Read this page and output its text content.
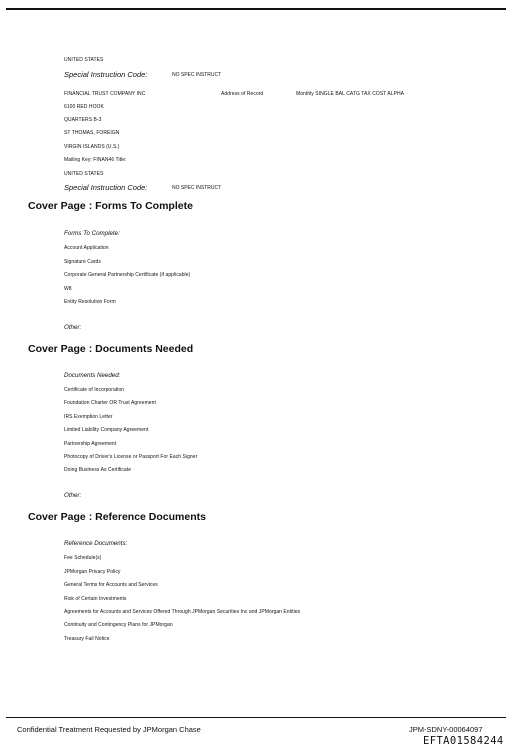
UNITED STATES
Special Instruction Code:	NO SPEC INSTRUCT
FINANCIAL TRUST COMPANY INC	Address of Record	Monthly SINGLE BAL CATG TAX COST ALPHA
6100 RED HOOK
QUARTERS B-3
ST THOMAS, FOREIGN
VIRGIN ISLANDS (U.S.)
Mailing Key: FINAN46 Title:
UNITED STATES
Special Instruction Code:	NO SPEC INSTRUCT
Cover Page : Forms To Complete
Forms To Complete:
Account Application
Signature Cards
Corporate General Partnership Certificate (if applicable)
W8
Entity Resolution Form
Other:
Cover Page : Documents Needed
Documents Needed:
Certificate of Incorporation
Foundation Charter OR Trust Agreement
IRS Exemption Letter
Limited Liability Company Agreement
Partnership Agreement
Photocopy of Driver's License or Passport For Each Signer
Doing Business As Certificate
Other:
Cover Page : Reference Documents
Reference Documents:
Fee Schedule(s)
JPMorgan Privacy Policy
General Terms for Accounts and Services
Risk of Certain Investments
Agreements for Accounts and Services Offered Through JPMorgan Securities Inc and JPMorgan Entities
Continuity and Contingency Plans for JPMorgan
Treasury Fail Notice
Confidential Treatment Requested by JPMorgan Chase	JPM-SDNY-00064097
EFTA01584244
